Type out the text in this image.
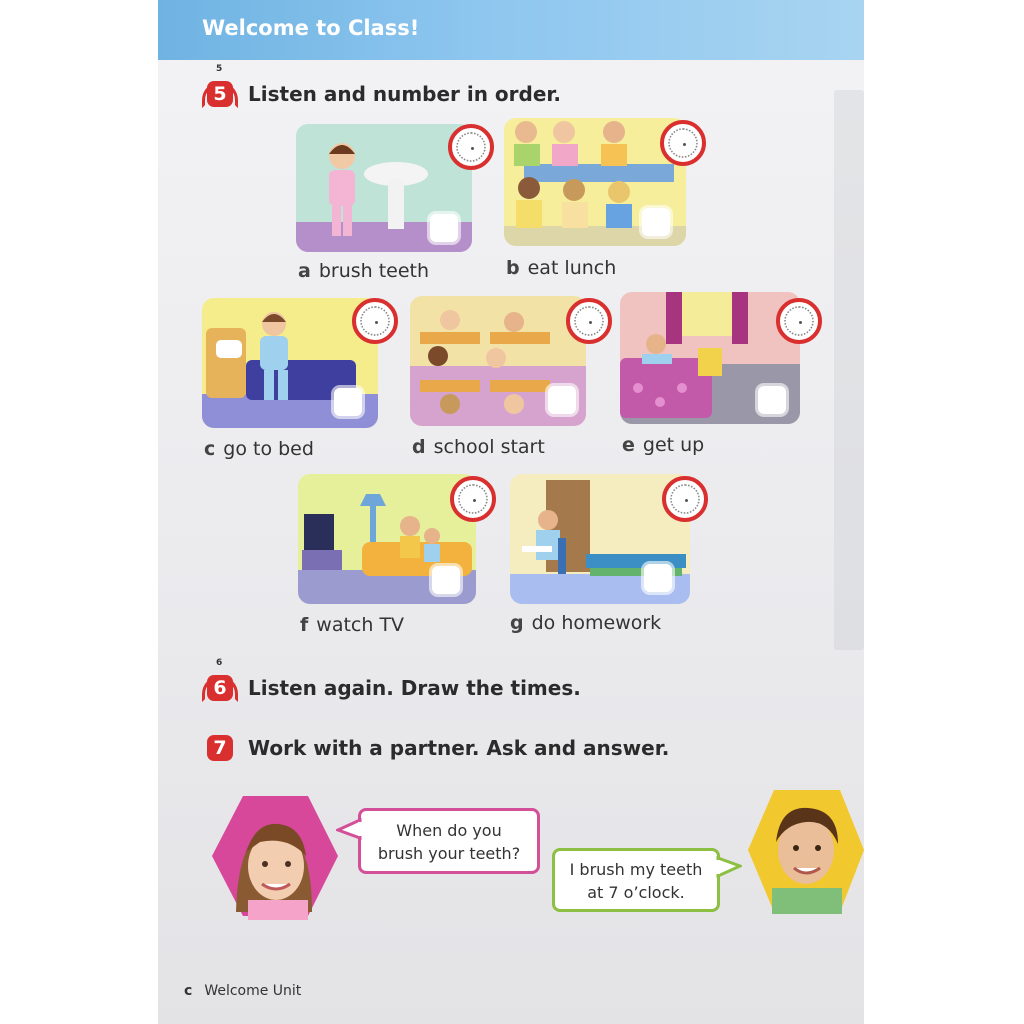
Welcome to Class!
5
5	Listen and number in order.
a brush teeth	b eat lunch
c go to bed	d school start	e get up
f watch TV	g do homework
6
6	Listen again. Draw the times.
7	Work with a partner. Ask and answer.
When do you
brush your teeth?
I brush my teeth
at 7 o’clock.
c Welcome Unit
